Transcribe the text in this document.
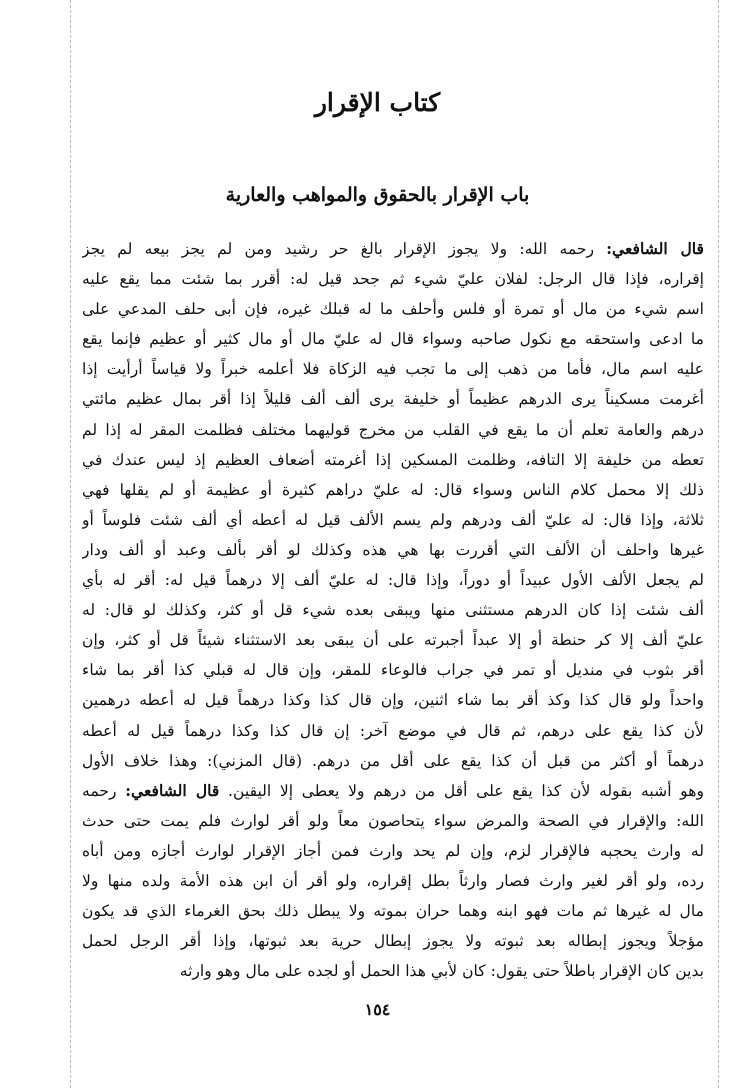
كتاب الإقرار
باب الإقرار بالحقوق والمواهب والعارية
قال الشافعي: رحمه الله: ولا يجوز الإقرار بالغ حر رشيد ومن لم يجز بيعه لم يجز
إقراره، فإذا قال الرجل: لفلان عليّ شيء ثم جحد قيل له: أقرر بما شئت مما يقع عليه
اسم شيء من مال أو تمرة أو فلس وأحلف ما له قبلك غيره، فإن أبى حلف المدعي على
ما ادعى واستحقه مع نكول صاحبه وسواء قال له عليّ مال أو مال كثير أو عظيم فإنما يقع
عليه اسم مال، فأما من ذهب إلى ما تجب فيه الزكاة فلا أعلمه خبراً ولا قياساً أرأيت إذا
أغرمت مسكيناً يرى الدرهم عظيماً أو خليفة يرى ألف ألف قليلاً إذا أقر بمال عظيم مائتي
درهم والعامة تعلم أن ما يقع في القلب من مخرج قوليهما مختلف فظلمت المقر له إذا لم
تعطه من خليفة إلا التافه، وظلمت المسكين إذا أغرمته أضعاف العظيم إذ ليس عندك في
ذلك إلا محمل كلام الناس وسواء قال: له عليّ دراهم كثيرة أو عظيمة أو لم يقلها فهي
ثلاثة، وإذا قال: له عليّ ألف ودرهم ولم يسم الألف قيل له أعطه أي ألف شئت فلوساً أو
غيرها واحلف أن الألف التي أقررت بها هي هذه وكذلك لو أقر بألف وعبد أو ألف ودار
لم يجعل الألف الأول عبيداً أو دوراً، وإذا قال: له عليّ ألف إلا درهماً قيل له: أقر له بأي
ألف شئت إذا كان الدرهم مستثنى منها ويبقى بعده شيء قل أو كثر، وكذلك لو قال: له
عليّ ألف إلا كر حنطة أو إلا عبداً أجبرته على أن يبقى بعد الاستثناء شيئاً قل أو كثر، وإن
أقر بثوب في منديل أو تمر في جراب فالوعاء للمقر، وإن قال له قبلي كذا أقر بما شاء
واحداً ولو قال كذا وكذ أقر بما شاء اثنين، وإن قال كذا وكذا درهماً قيل له أعطه درهمين
لأن كذا يقع على درهم، ثم قال في موضع آخر: إن قال كذا وكذا درهماً قيل له أعطه
درهماً أو أكثر من قبل أن كذا يقع على أقل من درهم. (قال المزني): وهذا خلاف الأول
وهو أشبه بقوله لأن كذا يقع على أقل من درهم ولا يعطى إلا اليقين. قال الشافعي: رحمه
الله: والإقرار في الصحة والمرض سواء يتحاصون معاً ولو أقر لوارث فلم يمت حتى حدث
له وارث يحجبه فالإقرار لزم، وإن لم يحد وارث فمن أجاز الإقرار لوارث أجازه ومن أباه
رده، ولو أقر لغير وارث فصار وارثاً بطل إقراره، ولو أقر أن ابن هذه الأمة ولده منها ولا
مال له غيرها ثم مات فهو ابنه وهما حران بموته ولا يبطل ذلك بحق الغرماء الذي قد يكون
مؤجلاً ويجوز إبطاله بعد ثبوته ولا يجوز إبطال حرية بعد ثبوتها، وإذا أقر الرجل لحمل
بدين كان الإقرار باطلاً حتى يقول: كان لأبي هذا الحمل أو لجده على مال وهو وارثه
١٥٤
